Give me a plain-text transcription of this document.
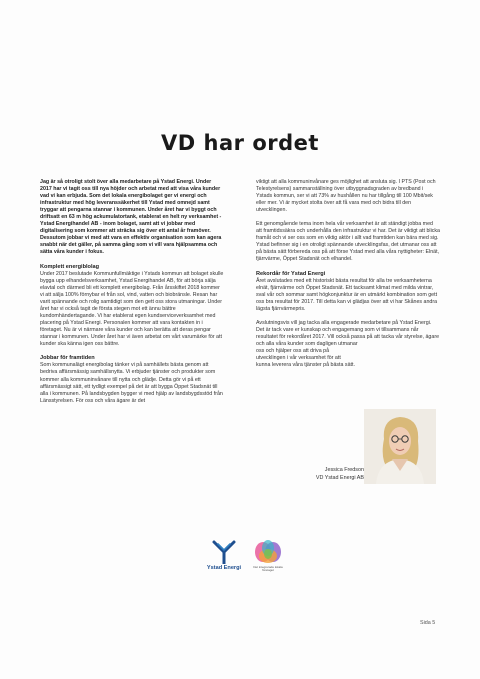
VD har ordet

Jag är så otroligt stolt över alla medarbetare på Ystad Energi. Under 2017 har vi tagit oss till nya höjder och arbetat med att visa våra kunder vad vi kan erbjuda. Som det lokala energibolaget ger vi energi och infrastruktur med hög leveranssäkerhet till Ystad med omnejd samt tryggar att pengarna stannar i kommunen. Under året har vi byggt och driftsatt en 63 m hög ackumulatortank, etablerat en helt ny verksamhet - Ystad Energihandel AB - inom bolaget, samt att vi jobbar med digitalisering som kommer att sträcka sig över ett antal år framöver. Dessutom jobbar vi med att vara en effektiv organisation som kan agera snabbt när det gäller, på samma gång som vi vill vara hjälpsamma och sätta våra kunder i fokus.

Komplett energiblolag

Under 2017 beslutade Kommunfullmäktige i Ystads kommun att bolaget skulle bygga upp elhandelsverksamhet, Ystad Energihandel AB, för att börja sälja elavtal och därmed bli ett komplett energibolag. Från årsskiftet 2018 kommer vi att sälja 100% förnybar el från sol, vind, vatten och biobränsle. Resan har varit spännande och rolig samtidigt som den gett oss stora utmaningar. Under året har vi också tagit de första stegen mot ett ännu bättre kundomhändertagande. Vi har etablerat egen kundserviceverksamhet med placering på Ystad Energi. Personalen kommer att vara kontakten in i företaget. Nu är vi närmare våra kunder och kan berätta att deras pengar stannar i kommunen. Under året har vi även arbetat om vårt varumärke för att kunder ska känna igen oss bättre.

Jobbar för framtiden

Som kommunalägt energibolag tänker vi på samhällets bästa genom att bedriva affärsmässig samhällsnytta. Vi erbjuder tjänster och produkter som kommer alla kommuninvånare till nytta och glädje. Detta gör vi på ett affärsmässigt sätt, ett tydligt exempel på det är att bygga Öppet Stadsnät till alla i kommunen. På landsbygden bygger vi med hjälp av landsbygdsstöd från Länsstyrelsen. För oss och våra ägare är det

viktigt att alla kommuninvånare ges möjlighet att ansluta sig. I PTS (Post och Telestyrelsens) sammanställning över utbyggnadsgraden av bredband i Ystads kommun, ser vi att 73% av hushållen nu har tillgång till 100 Mbit/sek eller mer. Vi är mycket stolta över att få vara med och bidra till den utvecklingen.

Ett genomgående tema inom hela vår verksamhet är att ständigt jobba med att framtidssäkra och underhålla den infrastruktur vi har. Det är viktigt att blicka framåt och vi ser oss som en viktig aktör i allt vad framtiden kan bära med sig. Ystad befinner sig i en otroligt spännande utvecklingsfas, det utmanar oss att på bästa sätt förbereda oss på att förse Ystad med alla våra nyttigheter: Elnät, fjärrvärme, Öppet Stadsnät och elhandel.

Rekordår för Ystad Energi

Året avslutades med ett historiskt bästa resultat för alla tre verksamheterna elnät, fjärrvärme och Öppet Stadsnät. Ett tacksamt klimat med milda vintrar, sval vår och sommar samt högkonjunktur är en utmärkt kombination som gett oss bra resultat för 2017. Till detta kan vi glädjas över att vi har Skånes andra lägsta fjärrvärmepris.

Avslutningsvis vill jag tacka alla engagerade medarbetare på Ystad Energi. Det är tack vare er kunskap och engagemang som vi tillsammans når resultatet för rekordåret 2017. Vill också passa på att tacka vår styrelse, ägare och alla våra kunder som dagligen utmanar

oss och hjälper oss att driva på utvecklingen i vår verksamhet för att kunna leverera våra tjänster på bästa sätt.

Jessica Fredson
VD Ystad Energi AB
Ystad Energi	Det integrerade lokala företaget
Sida 5
